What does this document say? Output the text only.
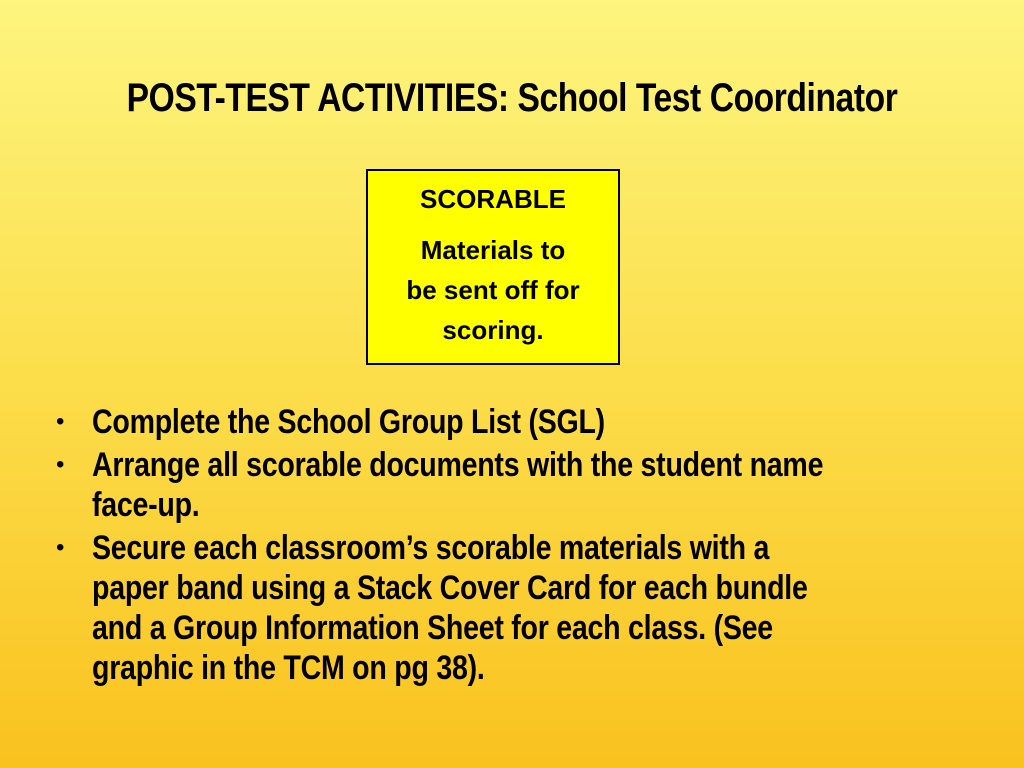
POST-TEST ACTIVITIES: School Test Coordinator
SCORABLE
Materials to
be sent off for
scoring.
• Complete the School Group List (SGL)
• Arrange all scorable documents with the student name
face-up.
• Secure each classroom’s scorable materials with a
paper band using a Stack Cover Card for each bundle
and a Group Information Sheet for each class. (See
graphic in the TCM on pg 38).
